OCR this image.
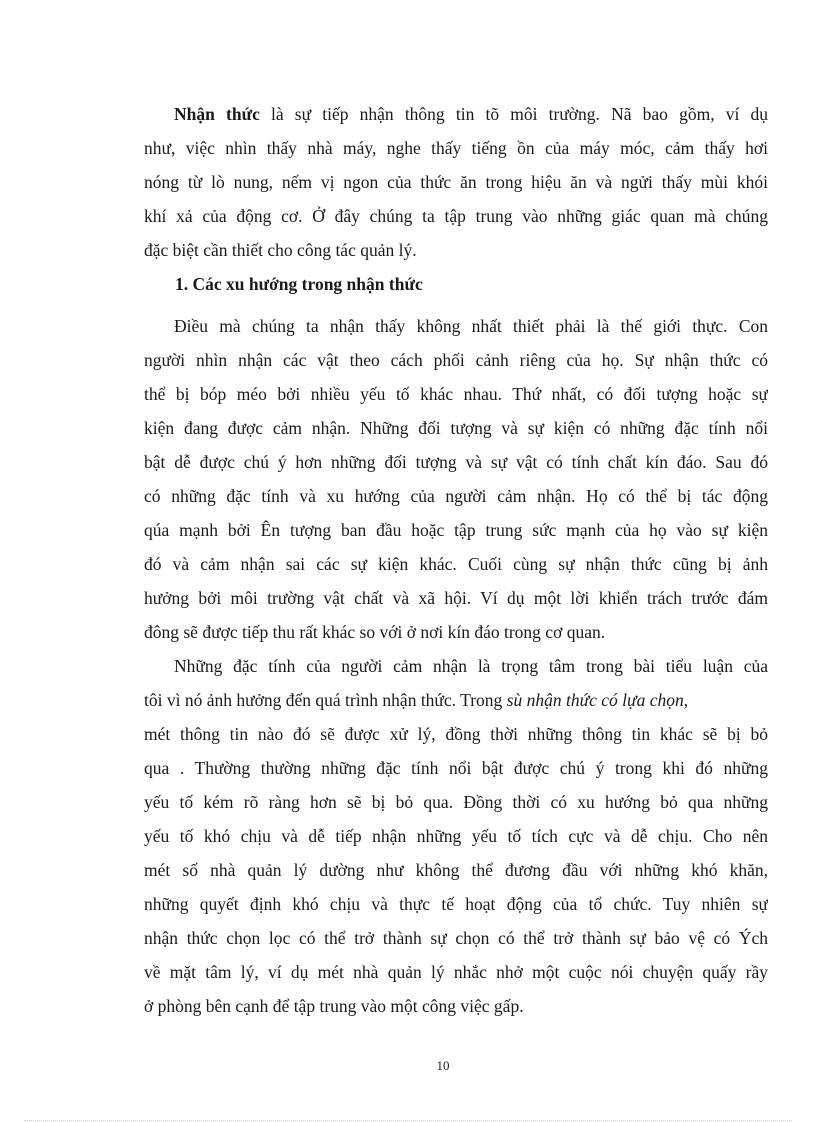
Nhận thức là sự tiếp nhận thông tin tõ môi trường. Nã bao gồm, ví dụ
như, việc nhìn thấy nhà máy, nghe thấy tiếng ồn của máy móc, cảm thấy hơi
nóng từ lò nung, nếm vị ngon của thức ăn trong hiệu ăn và ngửi thấy mùi khói
khí xả của động cơ. Ở đây chúng ta tập trung vào những giác quan mà chúng
đặc biệt cần thiết cho công tác quản lý.
1. Các xu hướng trong nhận thức
Điều mà chúng ta nhận thấy không nhất thiết phải là thế giới thực. Con
người nhìn nhận các vật theo cách phối cảnh riêng của họ. Sự nhận thức có
thể bị bóp méo bởi nhiều yếu tố khác nhau. Thứ nhất, có đối tượng hoặc sự
kiện đang được cảm nhận. Những đối tượng và sự kiện có những đặc tính nổi
bật dễ được chú ý hơn những đối tượng và sự vật có tính chất kín đáo. Sau đó
có những đặc tính và xu hướng của người cảm nhận. Họ có thể bị tác động
qúa mạnh bởi Ên tượng ban đầu hoặc tập trung sức mạnh của họ vào sự kiện
đó và cảm nhận sai các sự kiện khác. Cuối cùng sự nhận thức cũng bị ảnh
hưởng bởi môi trường vật chất và xã hội. Ví dụ một lời khiển trách trước đám
đông sẽ được tiếp thu rất khác so với ở nơi kín đáo trong cơ quan.
Những đặc tính của người cảm nhận là trọng tâm trong bài tiểu luận của
tôi vì nó ảnh hưởng đến quá trình nhận thức. Trong sù nhận thức có lựa chọn,
mét thông tin nào đó sẽ được xử lý, đồng thời những thông tin khác sẽ bị bỏ
qua . Thường thường những đặc tính nổi bật được chú ý trong khi đó những
yếu tố kém rõ ràng hơn sẽ bị bỏ qua. Đồng thời có xu hướng bỏ qua những
yếu tố khó chịu và dễ tiếp nhận những yếu tố tích cực và dễ chịu. Cho nên
mét số nhà quản lý dường như không thể đương đầu với những khó khăn,
những quyết định khó chịu và thực tế hoạt động của tổ chức. Tuy nhiên sự
nhận thức chọn lọc có thể trở thành sự chọn có thể trở thành sự bảo vệ có Ých
về mặt tâm lý, ví dụ mét nhà quản lý nhắc nhở một cuộc nói chuyện quấy rầy
ở phòng bên cạnh để tập trung vào một công việc gấp.
10
